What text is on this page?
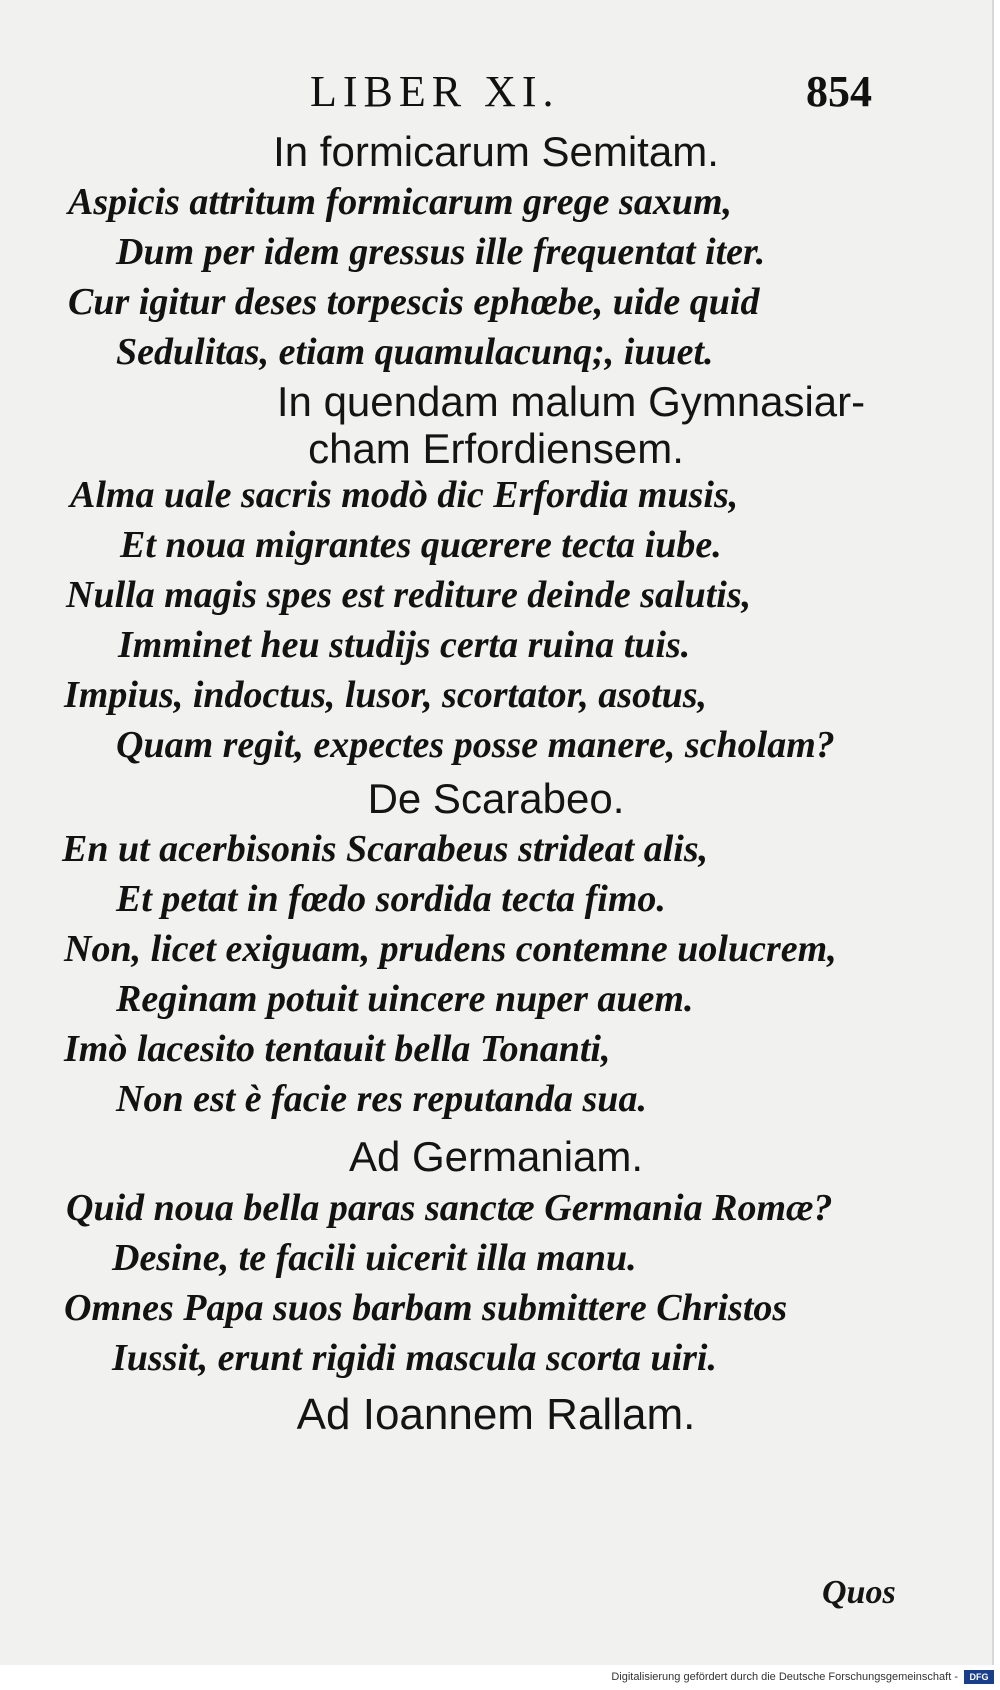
LIBER XI.	854
In formicarum Semitam.
Aspicis attritum formicarum grege saxum,
Dum per idem gressus ille frequentat iter.
Cur igitur deses torpescis ephœbe, uide quid
Sedulitas, etiam quamulacunq;, iuuet.
In quendam malum Gymnasiar-
cham Erfordiensem.
Alma uale sacris modò dic Erfordia musis,
Et noua migrantes quærere tecta iube.
Nulla magis spes est rediture deinde salutis,
Imminet heu studijs certa ruina tuis.
Impius, indoctus, lusor, scortator, asotus,
Quam regit, expectes posse manere, scholam?
De Scarabeo.
En ut acerbisonis Scarabeus strideat alis,
Et petat in fœdo sordida tecta fimo.
Non, licet exiguam, prudens contemne uolucrem,
Reginam potuit uincere nuper auem.
Imò lacesito tentauit bella Tonanti,
Non est è facie res reputanda sua.
Ad Germaniam.
Quid noua bella paras sanctæ Germania Romæ?
Desine, te facili uicerit illa manu.
Omnes Papa suos barbam submittere Christos
Iussit, erunt rigidi mascula scorta uiri.
Ad Ioannem Rallam.
Quos
Digitalisierung gefördert durch die Deutsche Forschungsgemeinschaft -	DFG
